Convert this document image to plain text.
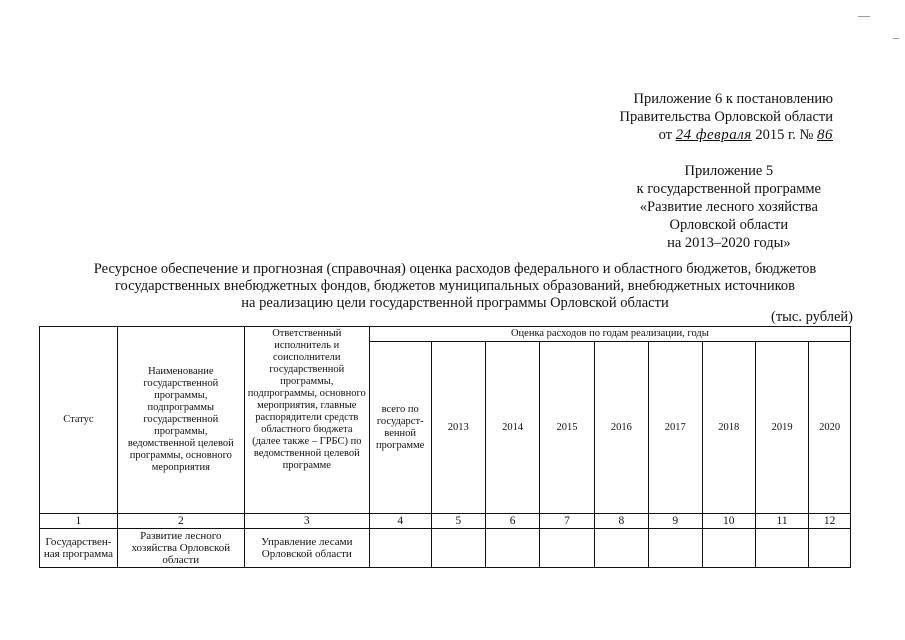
—
–
Приложение 6 к постановлению
Правительства Орловской области
от 24 февраля 2015 г. № 86
Приложение 5
к государственной программе
«Развитие лесного хозяйства
Орловской области
на 2013–2020 годы»
Ресурсное обеспечение и прогнозная (справочная) оценка расходов федерального и областного бюджетов, бюджетов
государственных внебюджетных фондов, бюджетов муниципальных образований, внебюджетных источников
на реализацию цели государственной программы Орловской области
(тыс. рублей)
Статус	Наименование государственной программы, подпрограммы государственной программы, ведомственной целевой программы, основного мероприятия	Ответственный исполнитель и соисполнители государственной программы, подпрограммы, основного мероприятия, главные распорядители средств областного бюджета (далее также – ГРБС) по ведомственной целевой программе	Оценка расходов по годам реализации, годы								
			всего по государст-венной программе	2013	2014	2015	2016	2017	2018	2019	2020
1	2	3	4	5	6	7	8	9	10	11	12
Государствен-ная программа	Развитие лесного хозяйства Орловской области	Управление лесами Орловской области									
